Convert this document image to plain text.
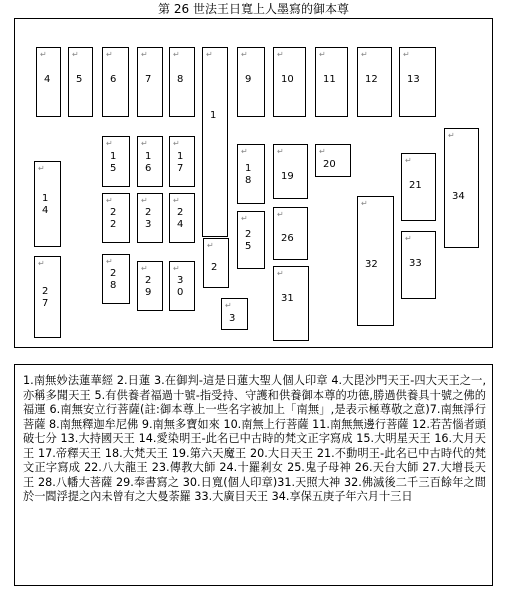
第 26 世法王日寬上人墨寫的御本尊
↵
4
↵
5
↵
6
↵
7
↵
8
↵
1
↵
9
↵
10
↵
11
↵
12
↵
13
↵
1
4
↵
1
5
↵
1
6
↵
1
7
↵
1
8
↵
19
↵
20	↵
21
↵
34
↵
2
2
↵
2
3
↵
2
4
↵
2
5
↵
26
↵
32
↵
2
7
↵
2
↵
33
↵
2
8
↵
2
9
↵
3
0
↵
31
↵
3

1.南無妙法蓮華經 2.日蓮 3.在御判-這是日蓮大聖人個人印章 4.大毘沙門天王-四大天王之一,亦稱多聞天王 5.有供養者福過十號-指受持、守護和供養御本尊的功德,勝過供養具十號之佛的福運 6.南無安立行菩薩(註:御本尊上一些名字被加上「南無」,是表示極尊敬之意)7.南無淨行菩薩 8.南無釋迦牟尼佛 9.南無多寶如來 10.南無上行菩薩 11.南無無邊行菩薩 12.若苦惱者頭破七分 13.大持國天王 14.愛染明王-此名已中古時的梵文正字寫成 15.大明星天王 16.大月天王 17.帝釋天王 18.大梵天王 19.第六天魔王 20.大日天王 21.不動明王-此名已中古時代的梵文正字寫成 22.八大龍王 23.傳教大師 24.十羅剎女 25.鬼子母神 26.天台大師 27.大增長天王 28.八幡大菩薩 29.奉書寫之 30.日寬(個人印章)31.天照大神 32.佛滅後二千三百餘年之間於一閻浮提之內未曾有之大曼荼羅 33.大廣目天王 34.享保五庚子年六月十三日
